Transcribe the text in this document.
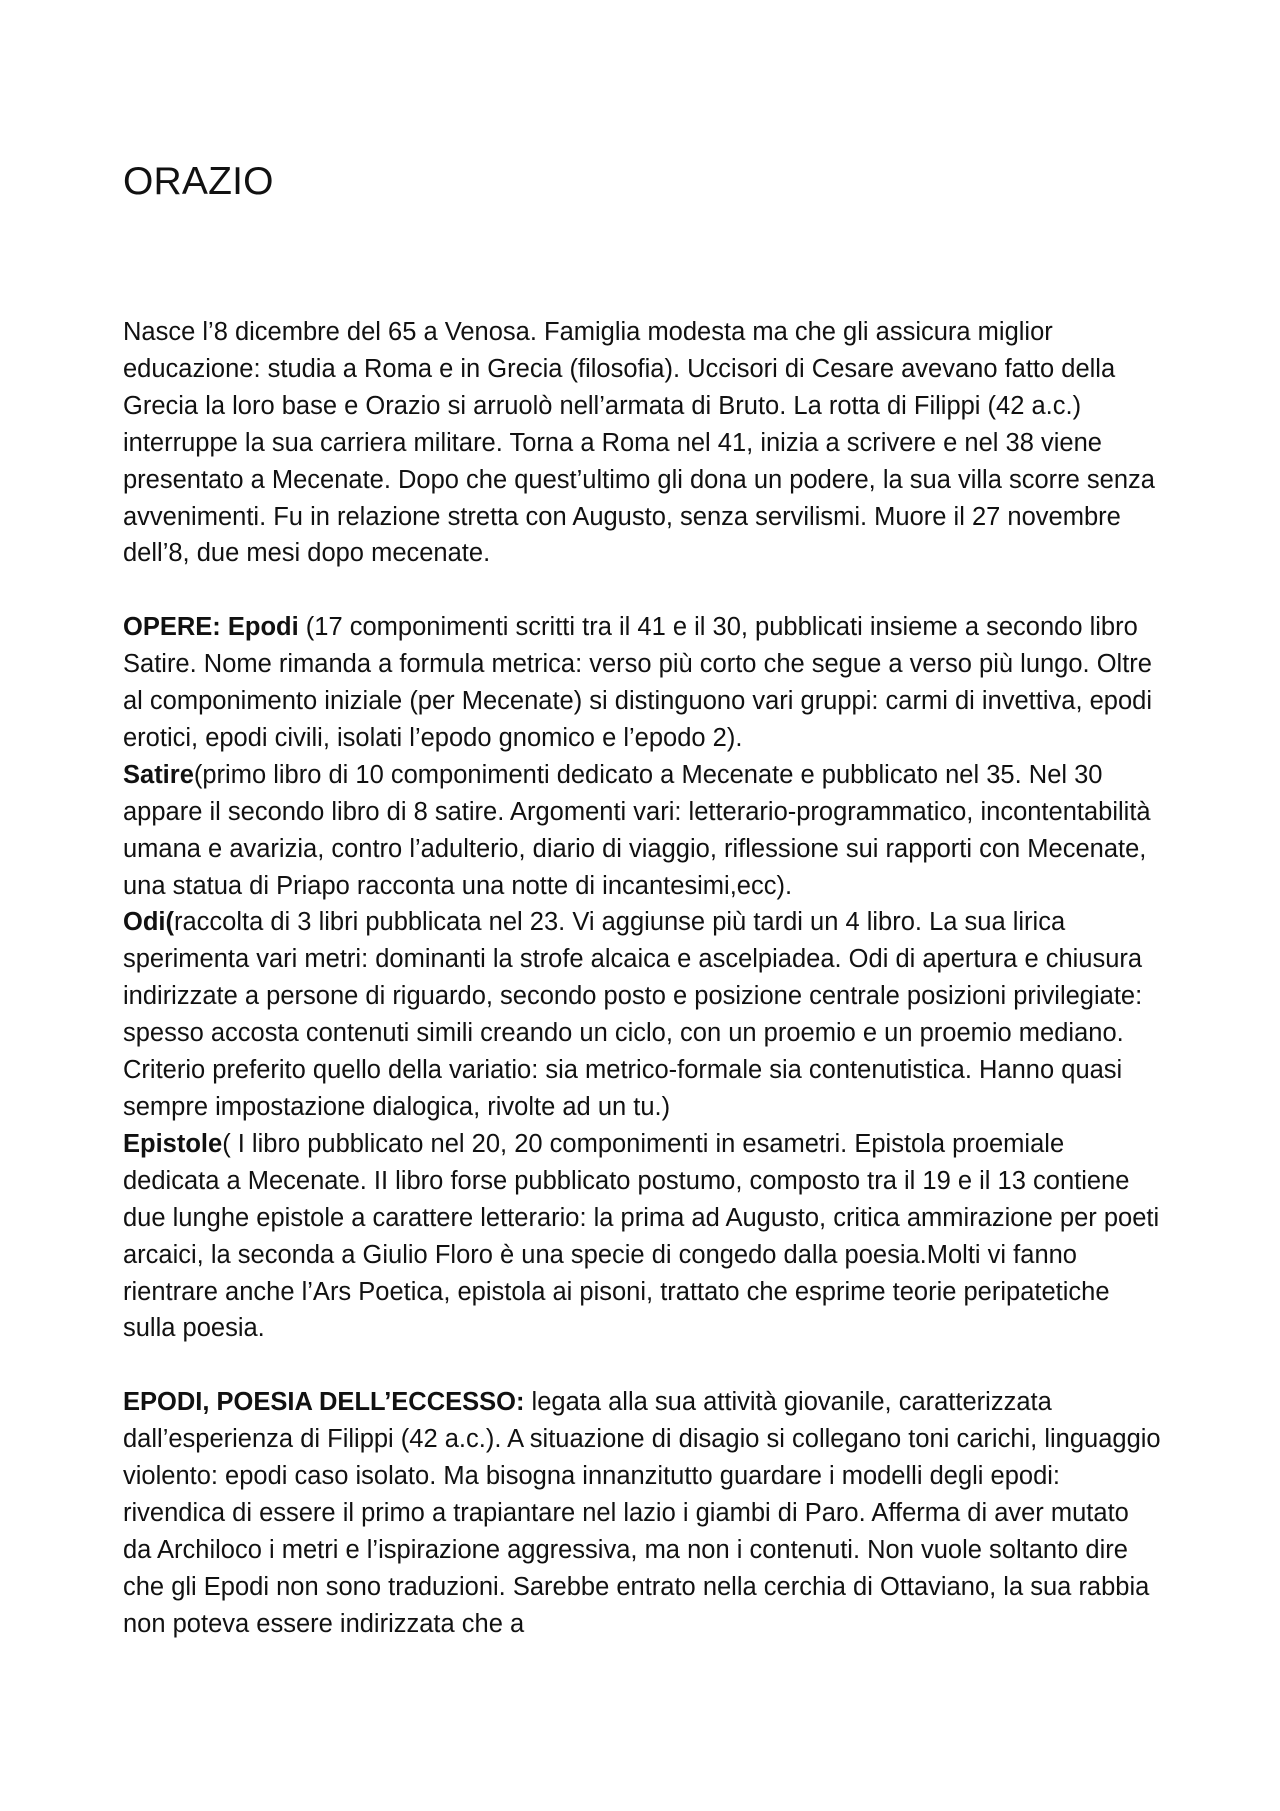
ORAZIO

Nasce l’8 dicembre del 65 a Venosa. Famiglia modesta ma che gli assicura miglior educazione: studia a Roma e in Grecia (filosofia). Uccisori di Cesare avevano fatto della Grecia la loro base e Orazio si arruolò nell’armata di Bruto. La rotta di Filippi (42 a.c.) interruppe la sua carriera militare. Torna a Roma nel 41, inizia a scrivere e nel 38 viene presentato a Mecenate. Dopo che quest’ultimo gli dona un podere, la sua villa scorre senza avvenimenti. Fu in relazione stretta con Augusto, senza servilismi. Muore il 27 novembre dell’8, due mesi dopo mecenate.

OPERE: Epodi (17 componimenti scritti tra il 41 e il 30, pubblicati insieme a secondo libro Satire. Nome rimanda a formula metrica: verso più corto che segue a verso più lungo. Oltre al componimento iniziale (per Mecenate) si distinguono vari gruppi: carmi di invettiva, epodi erotici, epodi civili, isolati l’epodo gnomico e l’epodo 2).
Satire(primo libro di 10 componimenti dedicato a Mecenate e pubblicato nel 35. Nel 30 appare il secondo libro di 8 satire. Argomenti vari: letterario-programmatico, incontentabilità umana e avarizia, contro l’adulterio, diario di viaggio, riflessione sui rapporti con Mecenate, una statua di Priapo racconta una notte di incantesimi,ecc).
Odi(raccolta di 3 libri pubblicata nel 23. Vi aggiunse più tardi un 4 libro. La sua lirica sperimenta vari metri: dominanti la strofe alcaica e ascelpiadea. Odi di apertura e chiusura indirizzate a persone di riguardo, secondo posto e posizione centrale posizioni privilegiate: spesso accosta contenuti simili creando un ciclo, con un proemio e un proemio mediano. Criterio preferito quello della variatio: sia metrico-formale sia contenutistica. Hanno quasi sempre impostazione dialogica, rivolte ad un tu.)
Epistole( I libro pubblicato nel 20, 20 componimenti in esametri. Epistola proemiale dedicata a Mecenate. II libro forse pubblicato postumo, composto tra il 19 e il 13 contiene due lunghe epistole a carattere letterario: la prima ad Augusto, critica ammirazione per poeti arcaici, la seconda a Giulio Floro è una specie di congedo dalla poesia.Molti vi fanno rientrare anche l’Ars Poetica, epistola ai pisoni, trattato che esprime teorie peripatetiche sulla poesia.

EPODI, POESIA DELL’ECCESSO: legata alla sua attività giovanile, caratterizzata dall’esperienza di Filippi (42 a.c.). A situazione di disagio si collegano toni carichi, linguaggio violento: epodi caso isolato. Ma bisogna innanzitutto guardare i modelli degli epodi: rivendica di essere il primo a trapiantare nel lazio i giambi di Paro. Afferma di aver mutato da Archiloco i metri e l’ispirazione aggressiva, ma non i contenuti. Non vuole soltanto dire che gli Epodi non sono traduzioni. Sarebbe entrato nella cerchia di Ottaviano, la sua rabbia non poteva essere indirizzata che a
